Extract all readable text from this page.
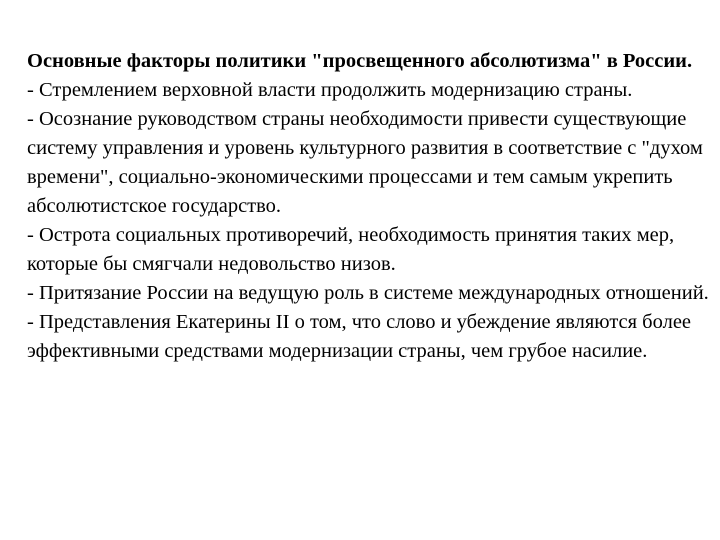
Основные факторы политики "просвещенного абсолютизма" в России.

- Стремлением верховной власти продолжить модернизацию страны.

- Осознание руководством страны необходимости привести существующие систему управления и уровень культурного развития в соответствие с "духом времени", социально-экономическими процессами и тем самым укрепить абсолютистское государство.

- Острота социальных противоречий, необходимость принятия таких мер, которые бы смягчали недовольство низов.

- Притязание России на ведущую роль в системе международных отношений.

- Представления Екатерины II о том, что слово и убеждение являются более эффективными средствами модернизации страны, чем грубое насилие.
